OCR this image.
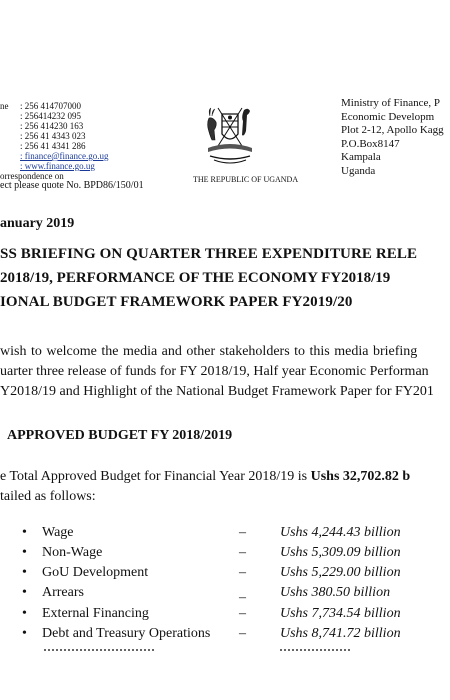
ne : 256 414707000
: 256414232 095
: 256 414230 163
: 256 41 4343 023
: 256 41 4341 286
: finance@finance.go.ug
: www.finance.go.ug
orrespondence on
ect please quote No. BPD86/150/01
THE REPUBLIC OF UGANDA
Ministry of Finance, P
Economic Developm
Plot 2-12, Apollo Kagg
P.O.Box8147
Kampala
Uganda
anuary 2019
SS BRIEFING ON QUARTER THREE EXPENDITURE RELE
2018/19, PERFORMANCE OF THE ECONOMY FY2018/19
IONAL BUDGET FRAMEWORK PAPER FY2019/20
wish to welcome the media and other stakeholders to this media briefing
uarter three release of funds for FY 2018/19, Half year Economic Performan
Y2018/19 and Highlight of the National Budget Framework Paper for FY201
APPROVED BUDGET FY 2018/2019
e Total Approved Budget for Financial Year 2018/19 is Ushs 32,702.82 b
tailed as follows:
• Wage	– Ushs 4,244.43 billion
• Non-Wage	– Ushs 5,309.09 billion
• GoU Development	– Ushs 5,229.00 billion
• Arrears	– Ushs 380.50 billion
• External Financing	– Ushs 7,734.54 billion
• Debt and Treasury Operations – Ushs 8,741.72 billion
